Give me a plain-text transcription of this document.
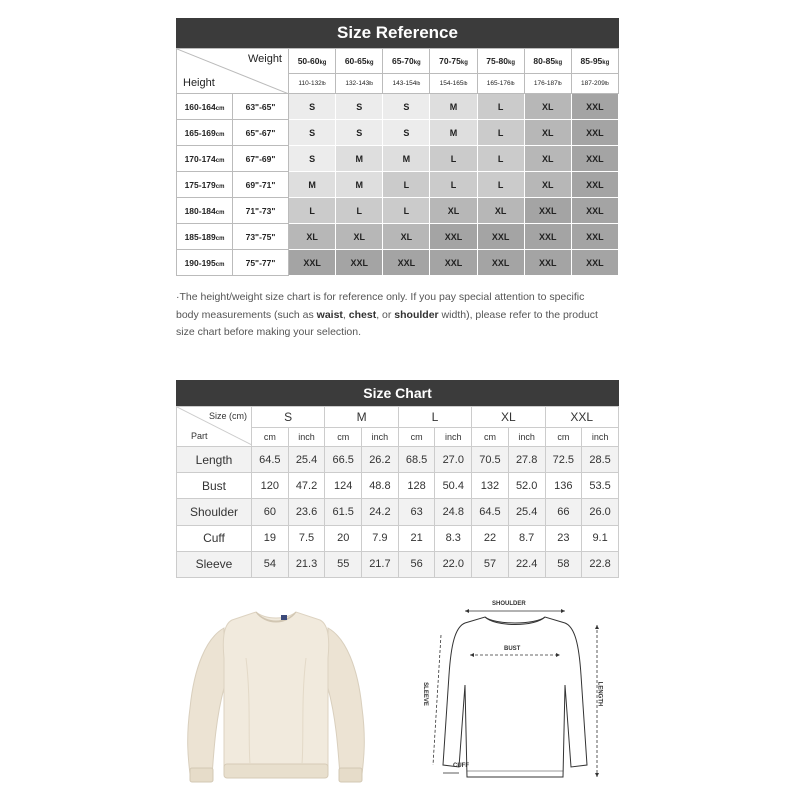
Size Reference
Weight
Height		50-60kg	60-65kg	65-70kg	70-75kg	75-80kg	80-85kg	85-95kg
		110-132lb	132-143lb	143-154lb	154-165lb	165-176lb	176-187lb	187-209lb
160-164cm	63"-65"	S	S	S	M	L	XL	XXL
165-169cm	65"-67"	S	S	S	M	L	XL	XXL
170-174cm	67"-69"	S	M	M	L	L	XL	XXL
175-179cm	69"-71"	M	M	L	L	L	XL	XXL
180-184cm	71"-73"	L	L	L	XL	XL	XXL	XXL
185-189cm	73"-75"	XL	XL	XL	XXL	XXL	XXL	XXL
190-195cm	75"-77"	XXL	XXL	XXL	XXL	XXL	XXL	XXL
·The height/weight size chart is for reference only. If you pay special attention to specific
body measurements (such as waist, chest, or shoulder width), please refer to the product
size chart before making your selection.
Size Chart
Size (cm)
Part	S		M		L		XL		XXL	
	cm	inch	cm	inch	cm	inch	cm	inch	cm	inch
Length	64.5	25.4	66.5	26.2	68.5	27.0	70.5	27.8	72.5	28.5
Bust	120	47.2	124	48.8	128	50.4	132	52.0	136	53.5
Shoulder	60	23.6	61.5	24.2	63	24.8	64.5	25.4	66	26.0
Cuff	19	7.5	20	7.9	21	8.3	22	8.7	23	9.1
Sleeve	54	21.3	55	21.7	56	22.0	57	22.4	58	22.8
SHOULDER
BUST
SLEEVE	LENGTH
CUFF
